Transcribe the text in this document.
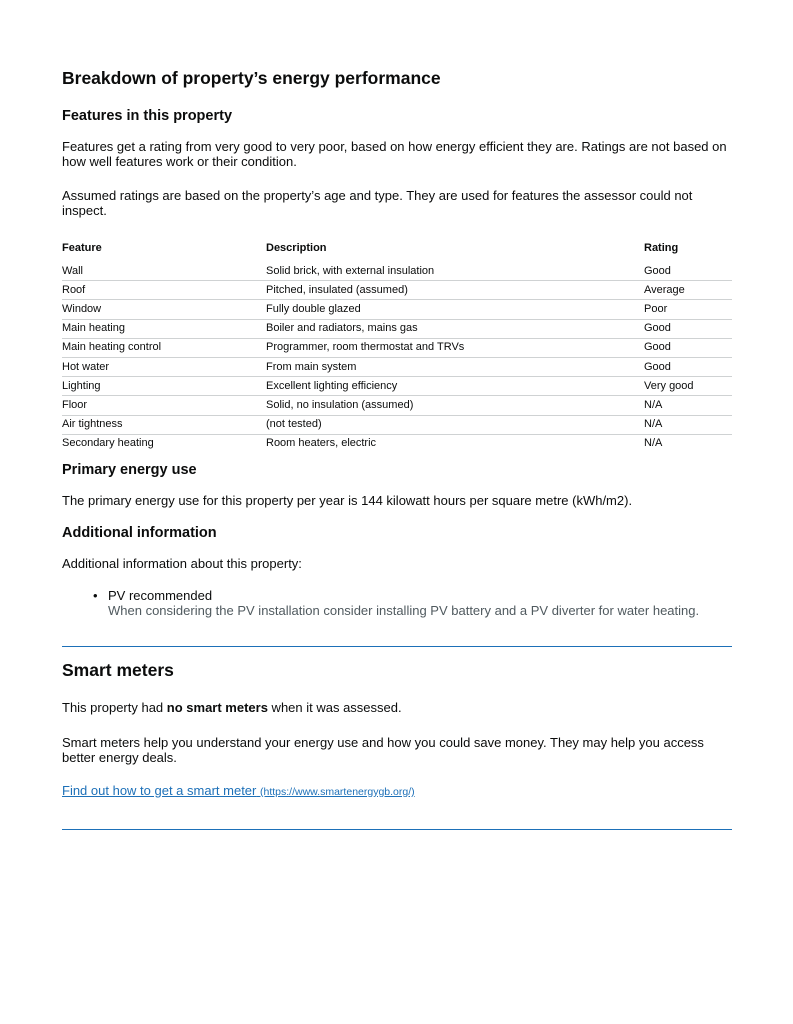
Breakdown of property’s energy performance
Features in this property

Features get a rating from very good to very poor, based on how energy efficient they are. Ratings are not based on how well features work or their condition.

Assumed ratings are based on the property’s age and type. They are used for features the assessor could not inspect.

Feature	Description	Rating
Wall	Solid brick, with external insulation	Good
Roof	Pitched, insulated (assumed)	Average
Window	Fully double glazed	Poor
Main heating	Boiler and radiators, mains gas	Good
Main heating control	Programmer, room thermostat and TRVs	Good
Hot water	From main system	Good
Lighting	Excellent lighting efficiency	Very good
Floor	Solid, no insulation (assumed)	N/A
Air tightness	(not tested)	N/A
Secondary heating	Room heaters, electric	N/A
Primary energy use

The primary energy use for this property per year is 144 kilowatt hours per square metre (kWh/m2).

Additional information

Additional information about this property:

• PV recommended
When considering the PV installation consider installing PV battery and a PV diverter for water heating.
Smart meters

This property had no smart meters when it was assessed.

Smart meters help you understand your energy use and how you could save money. They may help you access better energy deals.

Find out how to get a smart meter (https://www.smartenergygb.org/)
